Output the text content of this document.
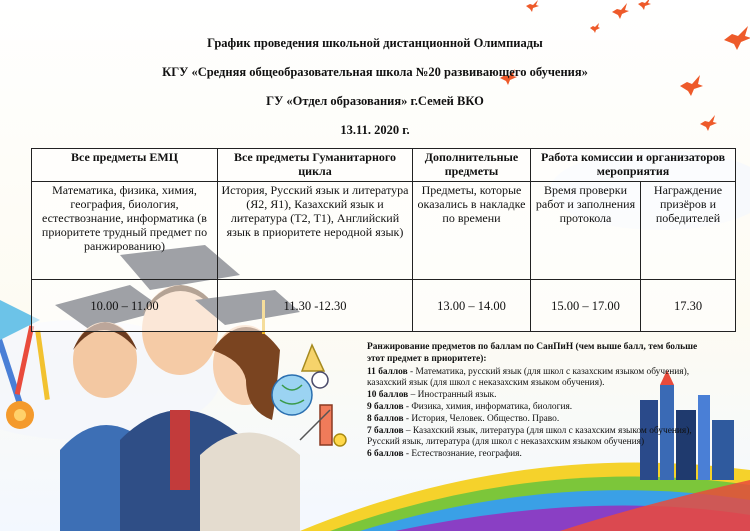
График проведения школьной дистанционной Олимпиады
КГУ «Средняя общеобразовательная школа №20 развивающего обучения»
ГУ «Отдел образования» г.Семей ВКО
13.11. 2020 г.
Все предметы ЕМЦ	Все предметы Гуманитарного цикла	Дополнительные предметы	Работа комиссии и организаторов мероприятия	
Математика, физика, химия, география, биология, естествознание, информатика (в приоритете трудный предмет по ранжированию)	История, Русский язык и литература (Я2, Я1), Казахский язык и литература (Т2, Т1), Английский язык в приоритете неродной язык)	Предметы, которые оказались в накладке по времени	Время проверки работ и заполнения протокола	Награждение призёров и победителей
10.00 – 11.00	11.30 -12.30	13.00 – 14.00	15.00 – 17.00	17.30
Ранжирование предметов по баллам по СанПиН (чем выше балл, тем больше этот предмет в приоритете):
11 баллов - Математика, русский язык (для школ с казахским языком обучения), казахский язык (для школ с неказахским языком обучения).
10 баллов – Иностранный язык.
9 баллов - Физика, химия, информатика, биология.
8 баллов - История, Человек. Общество. Право.
7 баллов – Казахский язык, литература (для школ с казахским языком обучения), Русский язык, литература (для школ с неказахским языком обучения)
6 баллов - Естествознание, география.
